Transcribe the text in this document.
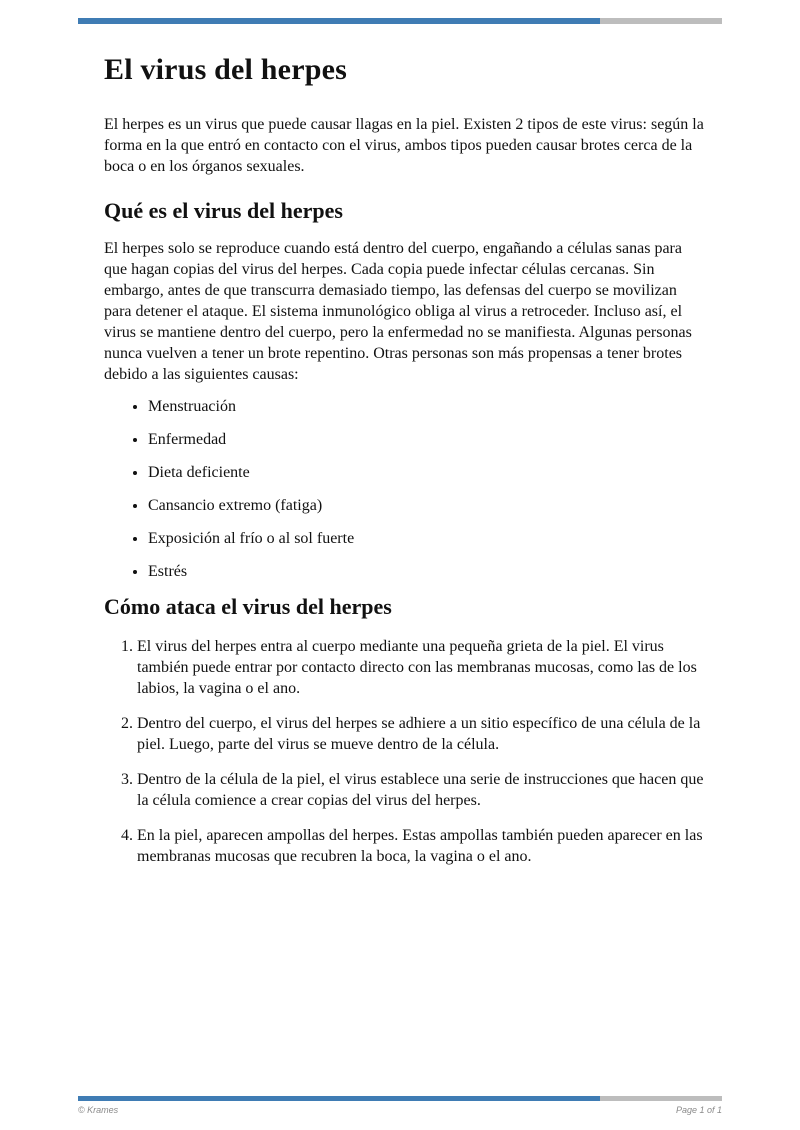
El virus del herpes

El herpes es un virus que puede causar llagas en la piel. Existen 2 tipos de este virus: según la forma en la que entró en contacto con el virus, ambos tipos pueden causar brotes cerca de la boca o en los órganos sexuales.

Qué es el virus del herpes

El herpes solo se reproduce cuando está dentro del cuerpo, engañando a células sanas para que hagan copias del virus del herpes. Cada copia puede infectar células cercanas. Sin embargo, antes de que transcurra demasiado tiempo, las defensas del cuerpo se movilizan para detener el ataque. El sistema inmunológico obliga al virus a retroceder. Incluso así, el virus se mantiene dentro del cuerpo, pero la enfermedad no se manifiesta. Algunas personas nunca vuelven a tener un brote repentino. Otras personas son más propensas a tener brotes debido a las siguientes causas:

• Menstruación
• Enfermedad
• Dieta deficiente
• Cansancio extremo (fatiga)
• Exposición al frío o al sol fuerte
• Estrés
Cómo ataca el virus del herpes
1. El virus del herpes entra al cuerpo mediante una pequeña grieta de la piel. El virus también puede entrar por contacto directo con las membranas mucosas, como las de los labios, la vagina o el ano.
2. Dentro del cuerpo, el virus del herpes se adhiere a un sitio específico de una célula de la piel. Luego, parte del virus se mueve dentro de la célula.
3. Dentro de la célula de la piel, el virus establece una serie de instrucciones que hacen que la célula comience a crear copias del virus del herpes.
4. En la piel, aparecen ampollas del herpes. Estas ampollas también pueden aparecer en las membranas mucosas que recubren la boca, la vagina o el ano.
© Krames	Page 1 of 1
